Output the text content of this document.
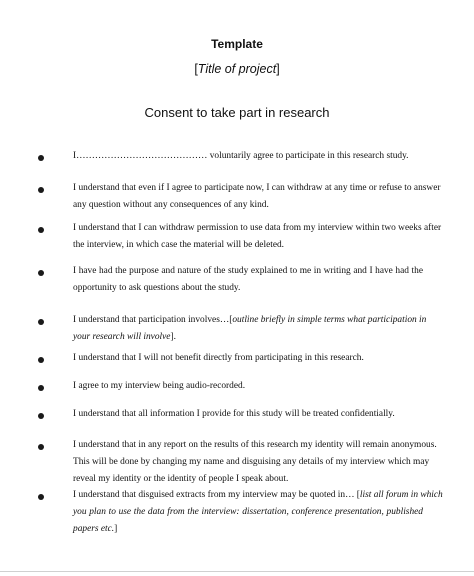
Template
[Title of project]
Consent to take part in research
I…………………………………… voluntarily agree to participate in this research study.
I understand that even if I agree to participate now, I can withdraw at any time or refuse to answer
any question without any consequences of any kind.
I understand that I can withdraw permission to use data from my interview within two weeks after
the interview, in which case the material will be deleted.
I have had the purpose and nature of the study explained to me in writing and I have had the
opportunity to ask questions about the study.
I understand that participation involves…[outline briefly in simple terms what participation in
your research will involve].
I understand that I will not benefit directly from participating in this research.
I agree to my interview being audio-recorded.
I understand that all information I provide for this study will be treated confidentially.
I understand that in any report on the results of this research my identity will remain anonymous.
This will be done by changing my name and disguising any details of my interview which may
reveal my identity or the identity of people I speak about.
I understand that disguised extracts from my interview may be quoted in… [list all forum in which
you plan to use the data from the interview: dissertation, conference presentation, published
papers etc.]
